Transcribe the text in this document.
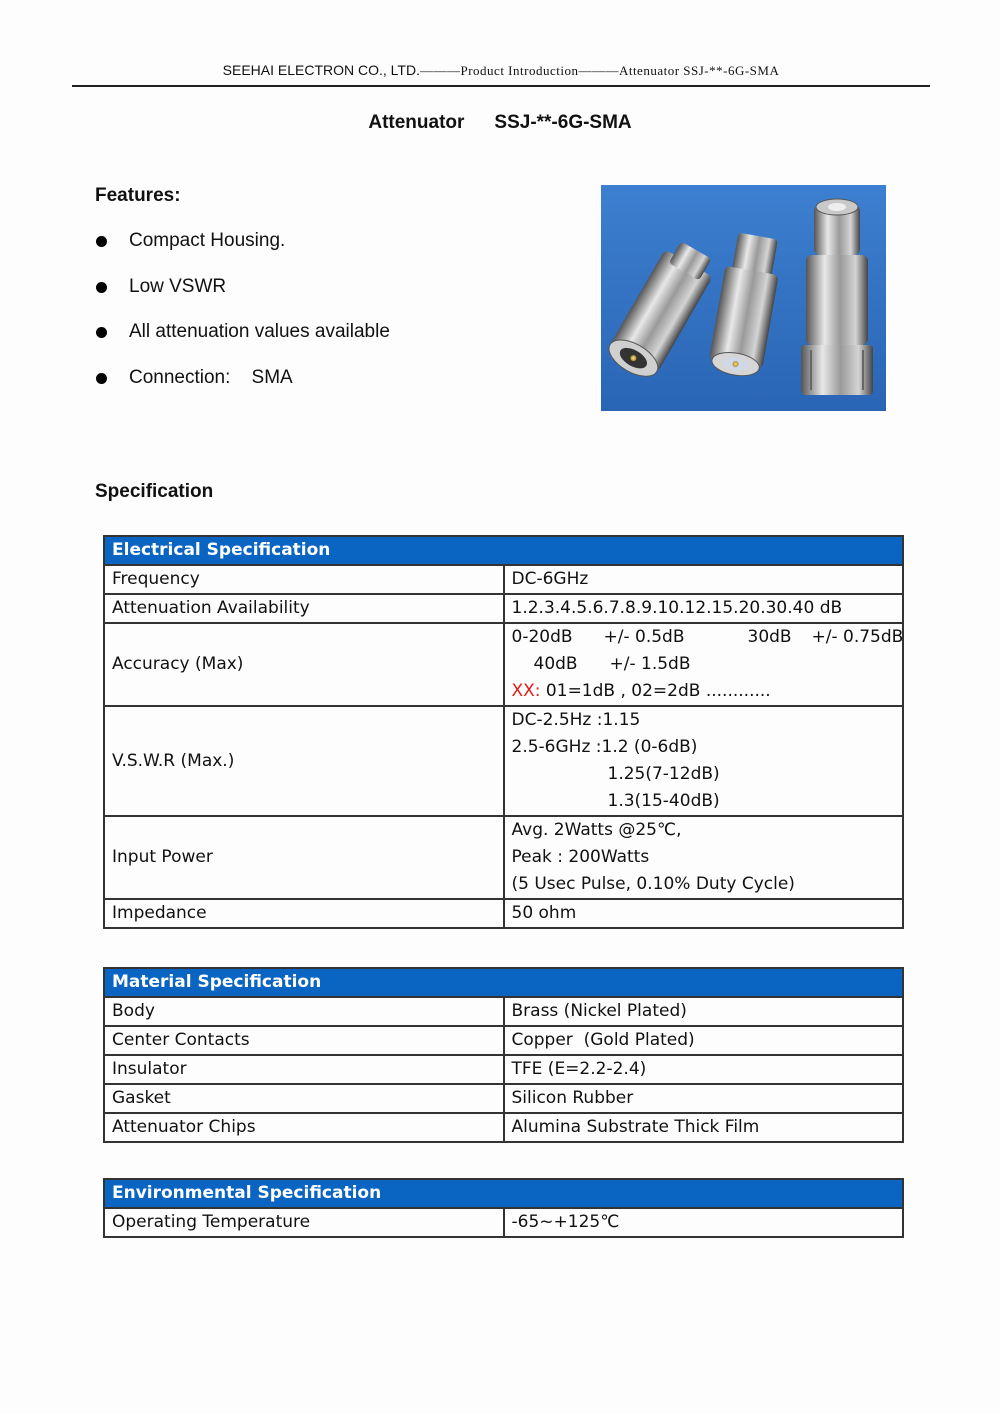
SEEHAI ELECTRON CO., LTD.———Product Introduction———Attenuator SSJ-**-6G-SMA
Attenuator SSJ-**-6G-SMA
Features:
Compact Housing.
Low VSWR
All attenuation values available
Connection:    SMA
Specification
Electrical Specification	
Frequency	DC-6GHz
Attenuation Availability	1.2.3.4.5.6.7.8.9.10.12.15.20.30.40 dB
Accuracy (Max)	0-20dB +/- 0.5dB 30dB +/- 0.75dB
40dB +/- 1.5dB
XX: 01=1dB , 02=2dB ............

V.S.W.R (Max.)	DC-2.5Hz :1.15
2.5-6GHz :1.2 (0-6dB)
1.25(7-12dB)
1.3(15-40dB)

Input Power	Avg. 2Watts @25℃,
Peak : 200Watts
(5 Usec Pulse, 0.10% Duty Cycle)

Impedance	50 ohm
Material Specification	
Body	Brass (Nickel Plated)
Center Contacts	Copper  (Gold Plated)
Insulator	TFE (E=2.2-2.4)
Gasket	Silicon Rubber
Attenuator Chips	Alumina Substrate Thick Film
Environmental Specification
Operating Temperature	-65~+125℃
